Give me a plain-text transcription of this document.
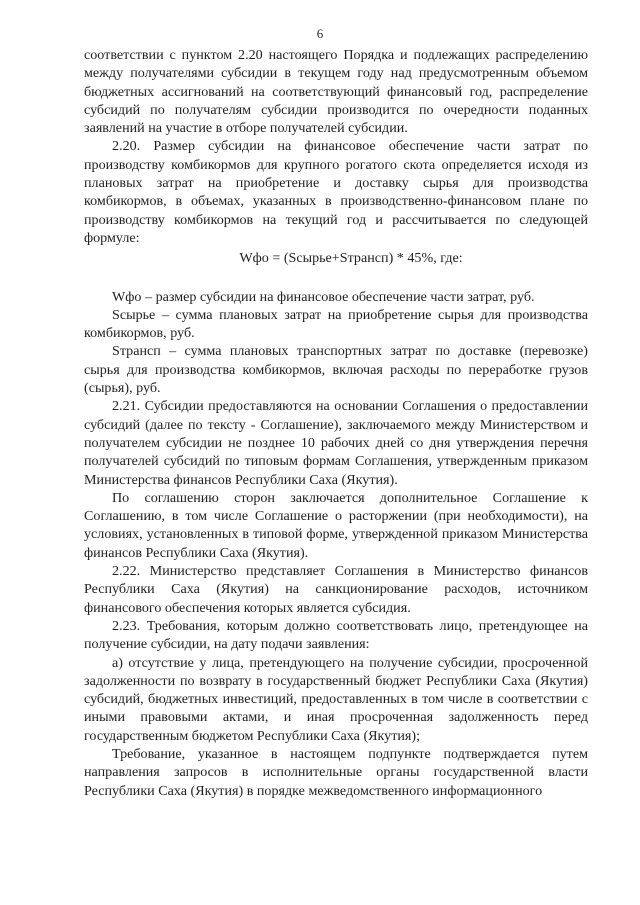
6

соответствии с пунктом 2.20 настоящего Порядка и подлежащих распределению между получателями субсидии в текущем году над предусмотренным объемом бюджетных ассигнований на соответствующий финансовый год, распределение субсидий по получателям субсидии производится по очередности поданных заявлений на участие в отборе получателей субсидии.

2.20. Размер субсидии на финансовое обеспечение части затрат по производству комбикормов для крупного рогатого скота определяется исходя из плановых затрат на приобретение и доставку сырья для производства комбикормов, в объемах, указанных в производственно-финансовом плане по производству комбикормов на текущий год и рассчитывается по следующей формуле:

Wфо = (Sсырье+Sтрансп) * 45%, где:

Wфо – размер субсидии на финансовое обеспечение части затрат, руб.

Sсырье – сумма плановых затрат на приобретение сырья для производства комбикормов, руб.

Sтрансп – сумма плановых транспортных затрат по доставке (перевозке) сырья для производства комбикормов, включая расходы по переработке грузов (сырья), руб.

2.21. Субсидии предоставляются на основании Соглашения о предоставлении субсидий (далее по тексту - Соглашение), заключаемого между Министерством и получателем субсидии не позднее 10 рабочих дней со дня утверждения перечня получателей субсидий по типовым формам Соглашения, утвержденным приказом Министерства финансов Республики Саха (Якутия).

По соглашению сторон заключается дополнительное Соглашение к Соглашению, в том числе Соглашение о расторжении (при необходимости), на условиях, установленных в типовой форме, утвержденной приказом Министерства финансов Республики Саха (Якутия).

2.22. Министерство представляет Соглашения в Министерство финансов Республики Саха (Якутия) на санкционирование расходов, источником финансового обеспечения которых является субсидия.

2.23. Требования, которым должно соответствовать лицо, претендующее на получение субсидии, на дату подачи заявления:

а) отсутствие у лица, претендующего на получение субсидии, просроченной задолженности по возврату в государственный бюджет Республики Саха (Якутия) субсидий, бюджетных инвестиций, предоставленных в том числе в соответствии с иными правовыми актами, и иная просроченная задолженность перед государственным бюджетом Республики Саха (Якутия);

Требование, указанное в настоящем подпункте подтверждается путем направления запросов в исполнительные органы государственной власти Республики Саха (Якутия) в порядке межведомственного информационного
